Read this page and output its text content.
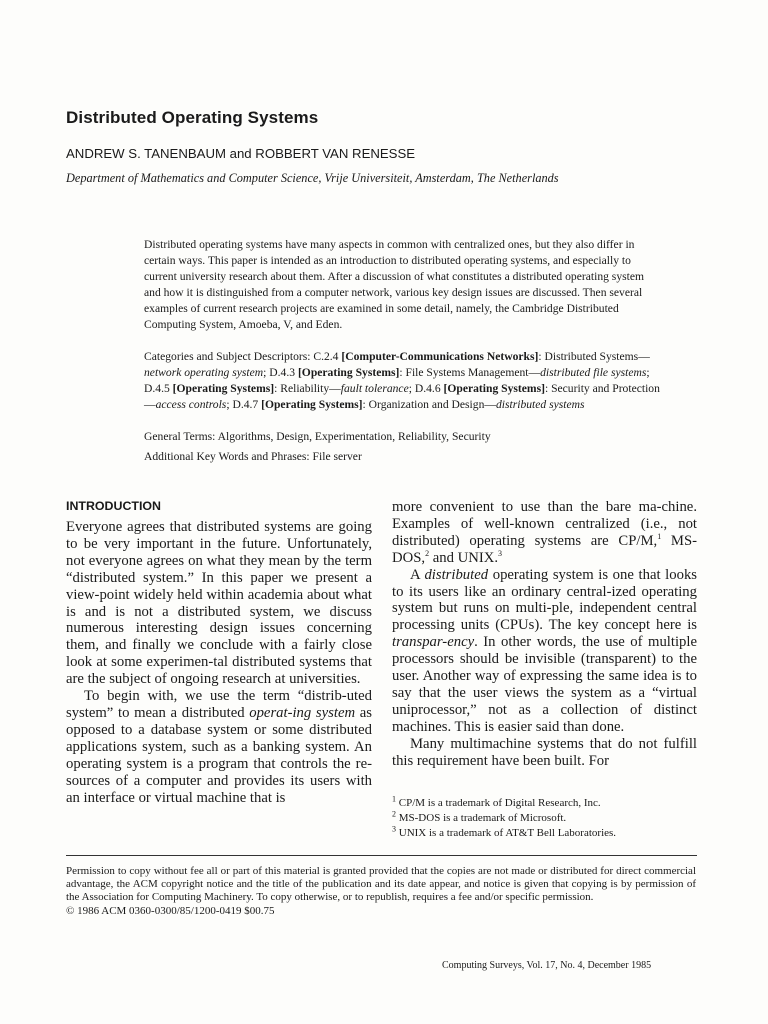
Distributed Operating Systems
ANDREW S. TANENBAUM and ROBBERT VAN RENESSE
Department of Mathematics and Computer Science, Vrije Universiteit, Amsterdam, The Netherlands

Distributed operating systems have many aspects in common with centralized ones, but they also differ in certain ways. This paper is intended as an introduction to distributed operating systems, and especially to current university research about them. After a discussion of what constitutes a distributed operating system and how it is distinguished from a computer network, various key design issues are discussed. Then several examples of current research projects are examined in some detail, namely, the Cambridge Distributed Computing System, Amoeba, V, and Eden.

Categories and Subject Descriptors: C.2.4 [Computer-Communications Networks]: Distributed Systems—network operating system; D.4.3 [Operating Systems]: File Systems Management—distributed file systems; D.4.5 [Operating Systems]: Reliability—fault tolerance; D.4.6 [Operating Systems]: Security and Protection—access controls; D.4.7 [Operating Systems]: Organization and Design—distributed systems

General Terms: Algorithms, Design, Experimentation, Reliability, Security

Additional Key Words and Phrases: File server

INTRODUCTION

Everyone agrees that distributed systems are going to be very important in the future. Unfortunately, not everyone agrees on what they mean by the term “distributed system.” In this paper we present a view-point widely held within academia about what is and is not a distributed system, we discuss numerous interesting design issues concerning them, and finally we conclude with a fairly close look at some experimen-tal distributed systems that are the subject of ongoing research at universities.

To begin with, we use the term “distrib-uted system” to mean a distributed operat-ing system as opposed to a database system or some distributed applications system, such as a banking system. An operating system is a program that controls the re-sources of a computer and provides its users with an interface or virtual machine that is

more convenient to use than the bare ma-chine. Examples of well-known centralized (i.e., not distributed) operating systems are CP/M,$^1$ MS-DOS,$^2$ and UNIX.$^3$

A distributed operating system is one that looks to its users like an ordinary central-ized operating system but runs on multi-ple, independent central processing units (CPUs). The key concept here is transpar-ency. In other words, the use of multiple processors should be invisible (transparent) to the user. Another way of expressing the same idea is to say that the user views the system as a “virtual uniprocessor,” not as a collection of distinct machines. This is easier said than done.

Many multimachine systems that do not fulfill this requirement have been built. For

$^1$ CP/M is a trademark of Digital Research, Inc.
$^2$ MS-DOS is a trademark of Microsoft.
$^3$ UNIX is a trademark of AT&T Bell Laboratories.

Permission to copy without fee all or part of this material is granted provided that the copies are not made or distributed for direct commercial advantage, the ACM copyright notice and the title of the publication and its date appear, and notice is given that copying is by permission of the Association for Computing Machinery. To copy otherwise, or to republish, requires a fee and/or specific permission.
© 1986 ACM 0360-0300/85/1200-0419 $00.75

Computing Surveys, Vol. 17, No. 4, December 1985
